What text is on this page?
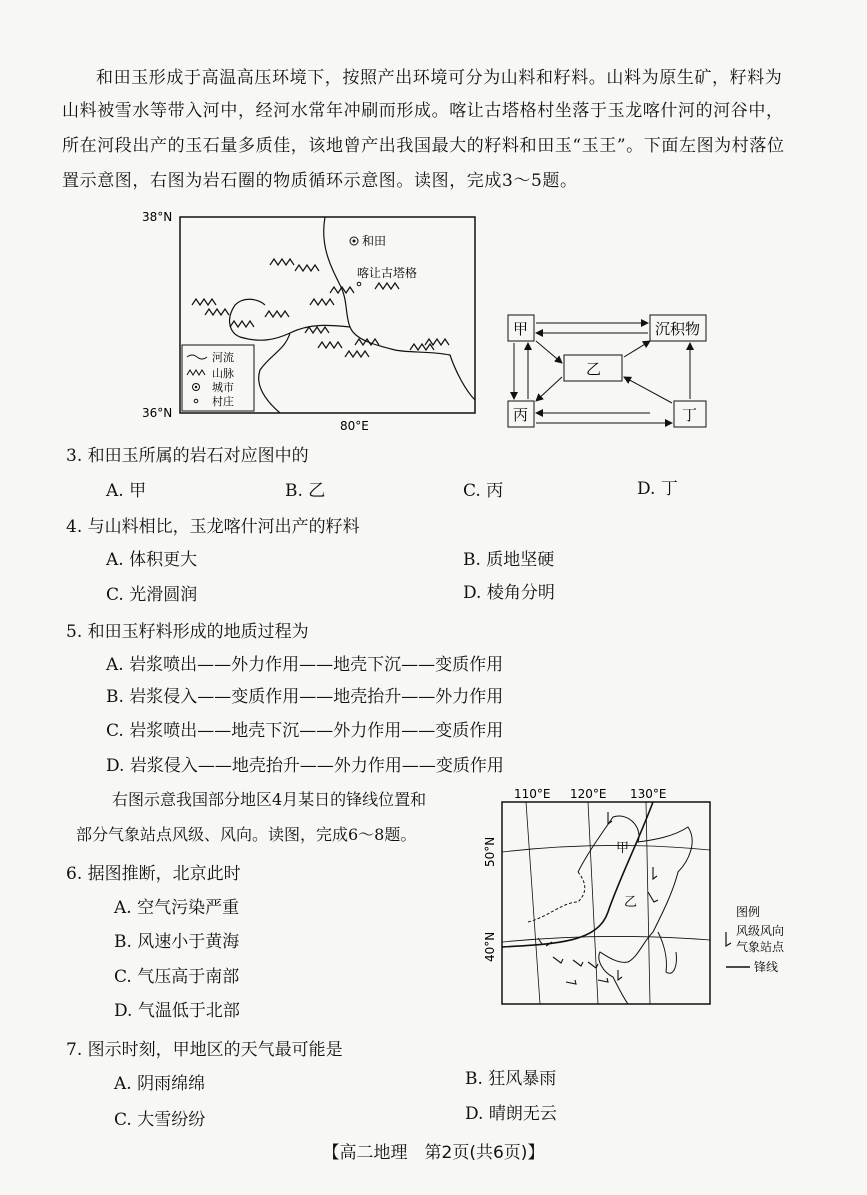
和田玉形成于高温高压环境下，按照产出环境可分为山料和籽料。山料为原生矿，籽料为
山料被雪水等带入河中，经河水常年冲刷而形成。喀让古塔格村坐落于玉龙喀什河的河谷中，
所在河段出产的玉石量多质佳，该地曾产出我国最大的籽料和田玉“玉王”。下面左图为村落位
置示意图，右图为岩石圈的物质循环示意图。读图，完成3～5题。
38°N
36°N
80°E
和田
喀让古塔格
河流
山脉
城市
村庄
甲	沉积物
乙
丙	丁
3. 和田玉所属的岩石对应图中的
A. 甲	B. 乙	C. 丙	D. 丁
4. 与山料相比，玉龙喀什河出产的籽料
A. 体积更大	B. 质地坚硬
C. 光滑圆润	D. 棱角分明
5. 和田玉籽料形成的地质过程为
A. 岩浆喷出——外力作用——地壳下沉——变质作用
B. 岩浆侵入——变质作用——地壳抬升——外力作用
C. 岩浆喷出——地壳下沉——外力作用——变质作用
D. 岩浆侵入——地壳抬升——外力作用——变质作用
右图示意我国部分地区4月某日的锋线位置和
部分气象站点风级、风向。读图，完成6～8题。
110°E 120°E 130°E
50°N
40°N
甲
乙
图例
风级风向
气象站点
锋线
6. 据图推断，北京此时
A. 空气污染严重
B. 风速小于黄海
C. 气压高于南部
D. 气温低于北部
7. 图示时刻，甲地区的天气最可能是
A. 阴雨绵绵	B. 狂风暴雨
C. 大雪纷纷	D. 晴朗无云
【高二地理　第2页(共6页)】
